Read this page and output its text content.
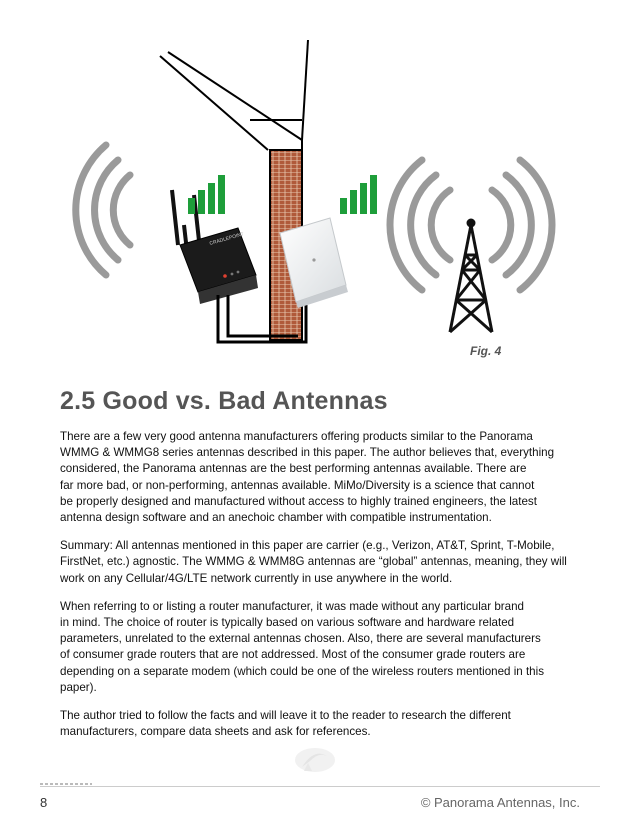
CRADLEPOINT
Fig. 4
2.5 Good vs. Bad Antennas

There are a few very good antenna manufacturers offering products similar to the Panorama
WMMG & WMMG8 series antennas described in this paper. The author believes that, everything
considered, the Panorama antennas are the best performing antennas available. There are
far more bad, or non-performing, antennas available. MiMo/Diversity is a science that cannot
be properly designed and manufactured without access to highly trained engineers, the latest
antenna design software and an anechoic chamber with compatible instrumentation.

Summary: All antennas mentioned in this paper are carrier (e.g., Verizon, AT&T, Sprint, T-Mobile,
FirstNet, etc.) agnostic. The WMMG & WMM8G antennas are “global” antennas, meaning, they will
work on any Cellular/4G/LTE network currently in use anywhere in the world.

When referring to or listing a router manufacturer, it was made without any particular brand
in mind. The choice of router is typically based on various software and hardware related
parameters, unrelated to the external antennas chosen. Also, there are several manufacturers
of consumer grade routers that are not addressed. Most of the consumer grade routers are
depending on a separate modem (which could be one of the wireless routers mentioned in this
paper).

The author tried to follow the facts and will leave it to the reader to research the different
manufacturers, compare data sheets and ask for references.

8	© Panorama Antennas, Inc.
